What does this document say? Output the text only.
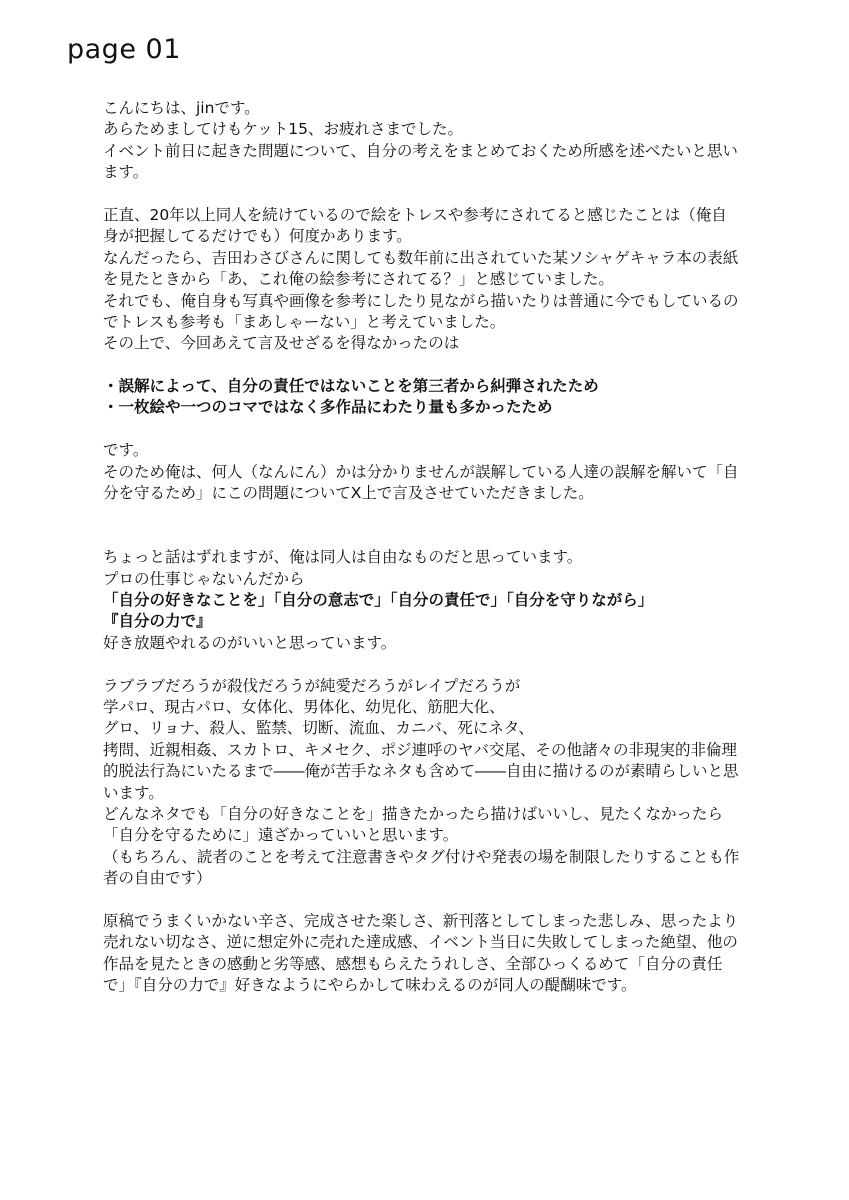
page 01
こんにちは、jinです。
あらためましてけもケット15、お疲れさまでした。
イベント前日に起きた問題について、自分の考えをまとめておくため所感を述べたいと思い
ます。
正直、20年以上同人を続けているので絵をトレスや参考にされてると感じたことは（俺自
身が把握してるだけでも）何度かあります。
なんだったら、吉田わさびさんに関しても数年前に出されていた某ソシャゲキャラ本の表紙
を見たときから「あ、これ俺の絵参考にされてる？」と感じていました。
それでも、俺自身も写真や画像を参考にしたり見ながら描いたりは普通に今でもしているの
でトレスも参考も「まあしゃーない」と考えていました。
その上で、今回あえて言及せざるを得なかったのは
・誤解によって、自分の責任ではないことを第三者から糾弾されたため
・一枚絵や一つのコマではなく多作品にわたり量も多かったため
です。
そのため俺は、何人（なんにん）かは分かりませんが誤解している人達の誤解を解いて「自
分を守るため」にこの問題についてX上で言及させていただきました。
ちょっと話はずれますが、俺は同人は自由なものだと思っています。
プロの仕事じゃないんだから
「自分の好きなことを」「自分の意志で」「自分の責任で」「自分を守りながら」
『自分の力で』
好き放題やれるのがいいと思っています。
ラブラブだろうが殺伐だろうが純愛だろうがレイプだろうが
学パロ、現古パロ、女体化、男体化、幼児化、筋肥大化、
グロ、リョナ、殺人、監禁、切断、流血、カニバ、死にネタ、
拷問、近親相姦、スカトロ、キメセク、ポジ連呼のヤバ交尾、その他諸々の非現実的非倫理
的脱法行為にいたるまで――俺が苦手なネタも含めて――自由に描けるのが素晴らしいと思
います。
どんなネタでも「自分の好きなことを」描きたかったら描けばいいし、見たくなかったら
「自分を守るために」遠ざかっていいと思います。
（もちろん、読者のことを考えて注意書きやタグ付けや発表の場を制限したりすることも作
者の自由です）
原稿でうまくいかない辛さ、完成させた楽しさ、新刊落としてしまった悲しみ、思ったより
売れない切なさ、逆に想定外に売れた達成感、イベント当日に失敗してしまった絶望、他の
作品を見たときの感動と劣等感、感想もらえたうれしさ、全部ひっくるめて「自分の責任
で」『自分の力で』好きなようにやらかして味わえるのが同人の醍醐味です。
